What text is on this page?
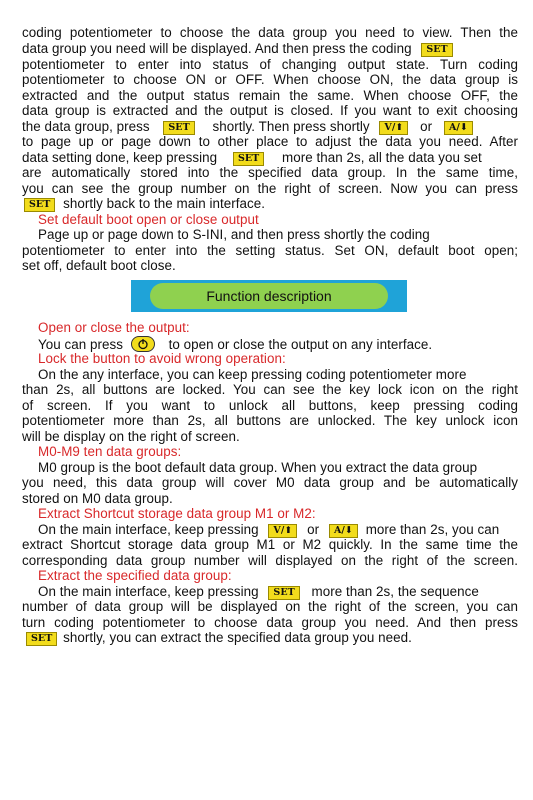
coding potentiometer to choose the data group you need to view. Then the
data group you need will be displayed. And then press the coding SET
potentiometer to enter into status of changing output state. Turn coding
potentiometer to choose ON or OFF. When choose ON, the data group is
extracted and the output status remain the same. When choose OFF, the
data group is extracted and the output is closed. If you want to exit choosing
the data group, press SET shortly. Then press shortly V/⬆ or A/⬇
to page up or page down to other place to adjust the data you need. After
data setting done, keep pressing SET more than 2s, all the data you set
are automatically stored into the specified data group. In the same time,
you can see the group number on the right of screen. Now you can press
SET shortly back to the main interface.
Set default boot open or close output
Page up or page down to S-INI, and then press shortly the coding
potentiometer to enter into the setting status. Set ON, default boot open;
set off, default boot close.
Function description
Open or close the output:
You can press	to open or close the output on any interface.
Lock the button to avoid wrong operation:
On the any interface, you can keep pressing coding potentiometer more
than 2s, all buttons are locked. You can see the key lock icon on the right
of screen. If you want to unlock all buttons, keep pressing coding
potentiometer more than 2s, all buttons are unlocked. The key unlock icon
will be display on the right of screen.
M0-M9 ten data groups:
M0 group is the boot default data group. When you extract the data group
you need, this data group will cover M0 data group and be automatically
stored on M0 data group.
Extract Shortcut storage data group M1 or M2:
On the main interface, keep pressing V/⬆ or A/⬇ more than 2s, you can
extract Shortcut storage data group M1 or M2 quickly. In the same time the
corresponding data group number will displayed on the right of the screen.
Extract the specified data group:
On the main interface, keep pressing SET more than 2s, the sequence
number of data group will be displayed on the right of the screen, you can
turn coding potentiometer to choose data group you need. And then press
SET shortly, you can extract the specified data group you need.
